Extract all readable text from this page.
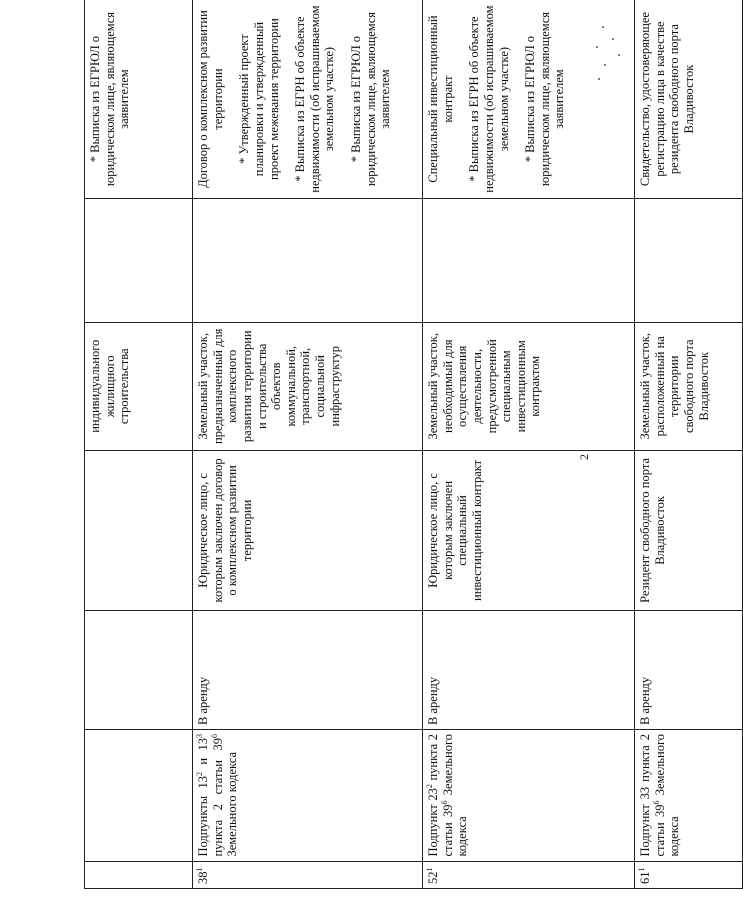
2
				индивидуального жилищного строительства		* Выписка из ЕГРЮЛ о юридическом лице, являющемся заявителем
$38^1$	Подпункты $13^2$ и $13^3$ пункта 2 статьи $39^6$ Земельного кодекса	В аренду	Юридическое лицо, с которым заключен договор о комплексном развитии территории	Земельный участок, предназначенный для комплексного развития территории и строительства объектов коммунальной, транспортной, социальной инфраструктур		Договор о комплексном развитии территории * Утвержденный проект планировки и утвержденный проект межевания территории * Выписка из ЕГРН об объекте недвижимости (об испрашиваемом земельном участке) * Выписка из ЕГРЮЛ о юридическом лице, являющемся заявителем
$52^1$	Подпункт $23^2$ пункта 2 статьи $39^6$ Земельного кодекса	В аренду	Юридическое лицо, с которым заключен специальный инвестиционный контракт	Земельный участок, необходимый для осуществления деятельности, предусмотренной специальным инвестиционным контрактом		Специальный инвестиционный контракт * Выписка из ЕГРН об объекте недвижимости (об испрашиваемом земельном участке) * Выписка из ЕГРЮЛ о юридическом лице, являющемся заявителем
$61^1$	Подпункт 33 пункта 2 статьи $39^6$ Земельного кодекса	В аренду	Резидент свободного порта Владивосток	Земельный участок, расположенный на территории свободного порта Владивосток		Свидетельство, удостоверяющее регистрацию лица в качестве резидента свободного порта Владивосток
